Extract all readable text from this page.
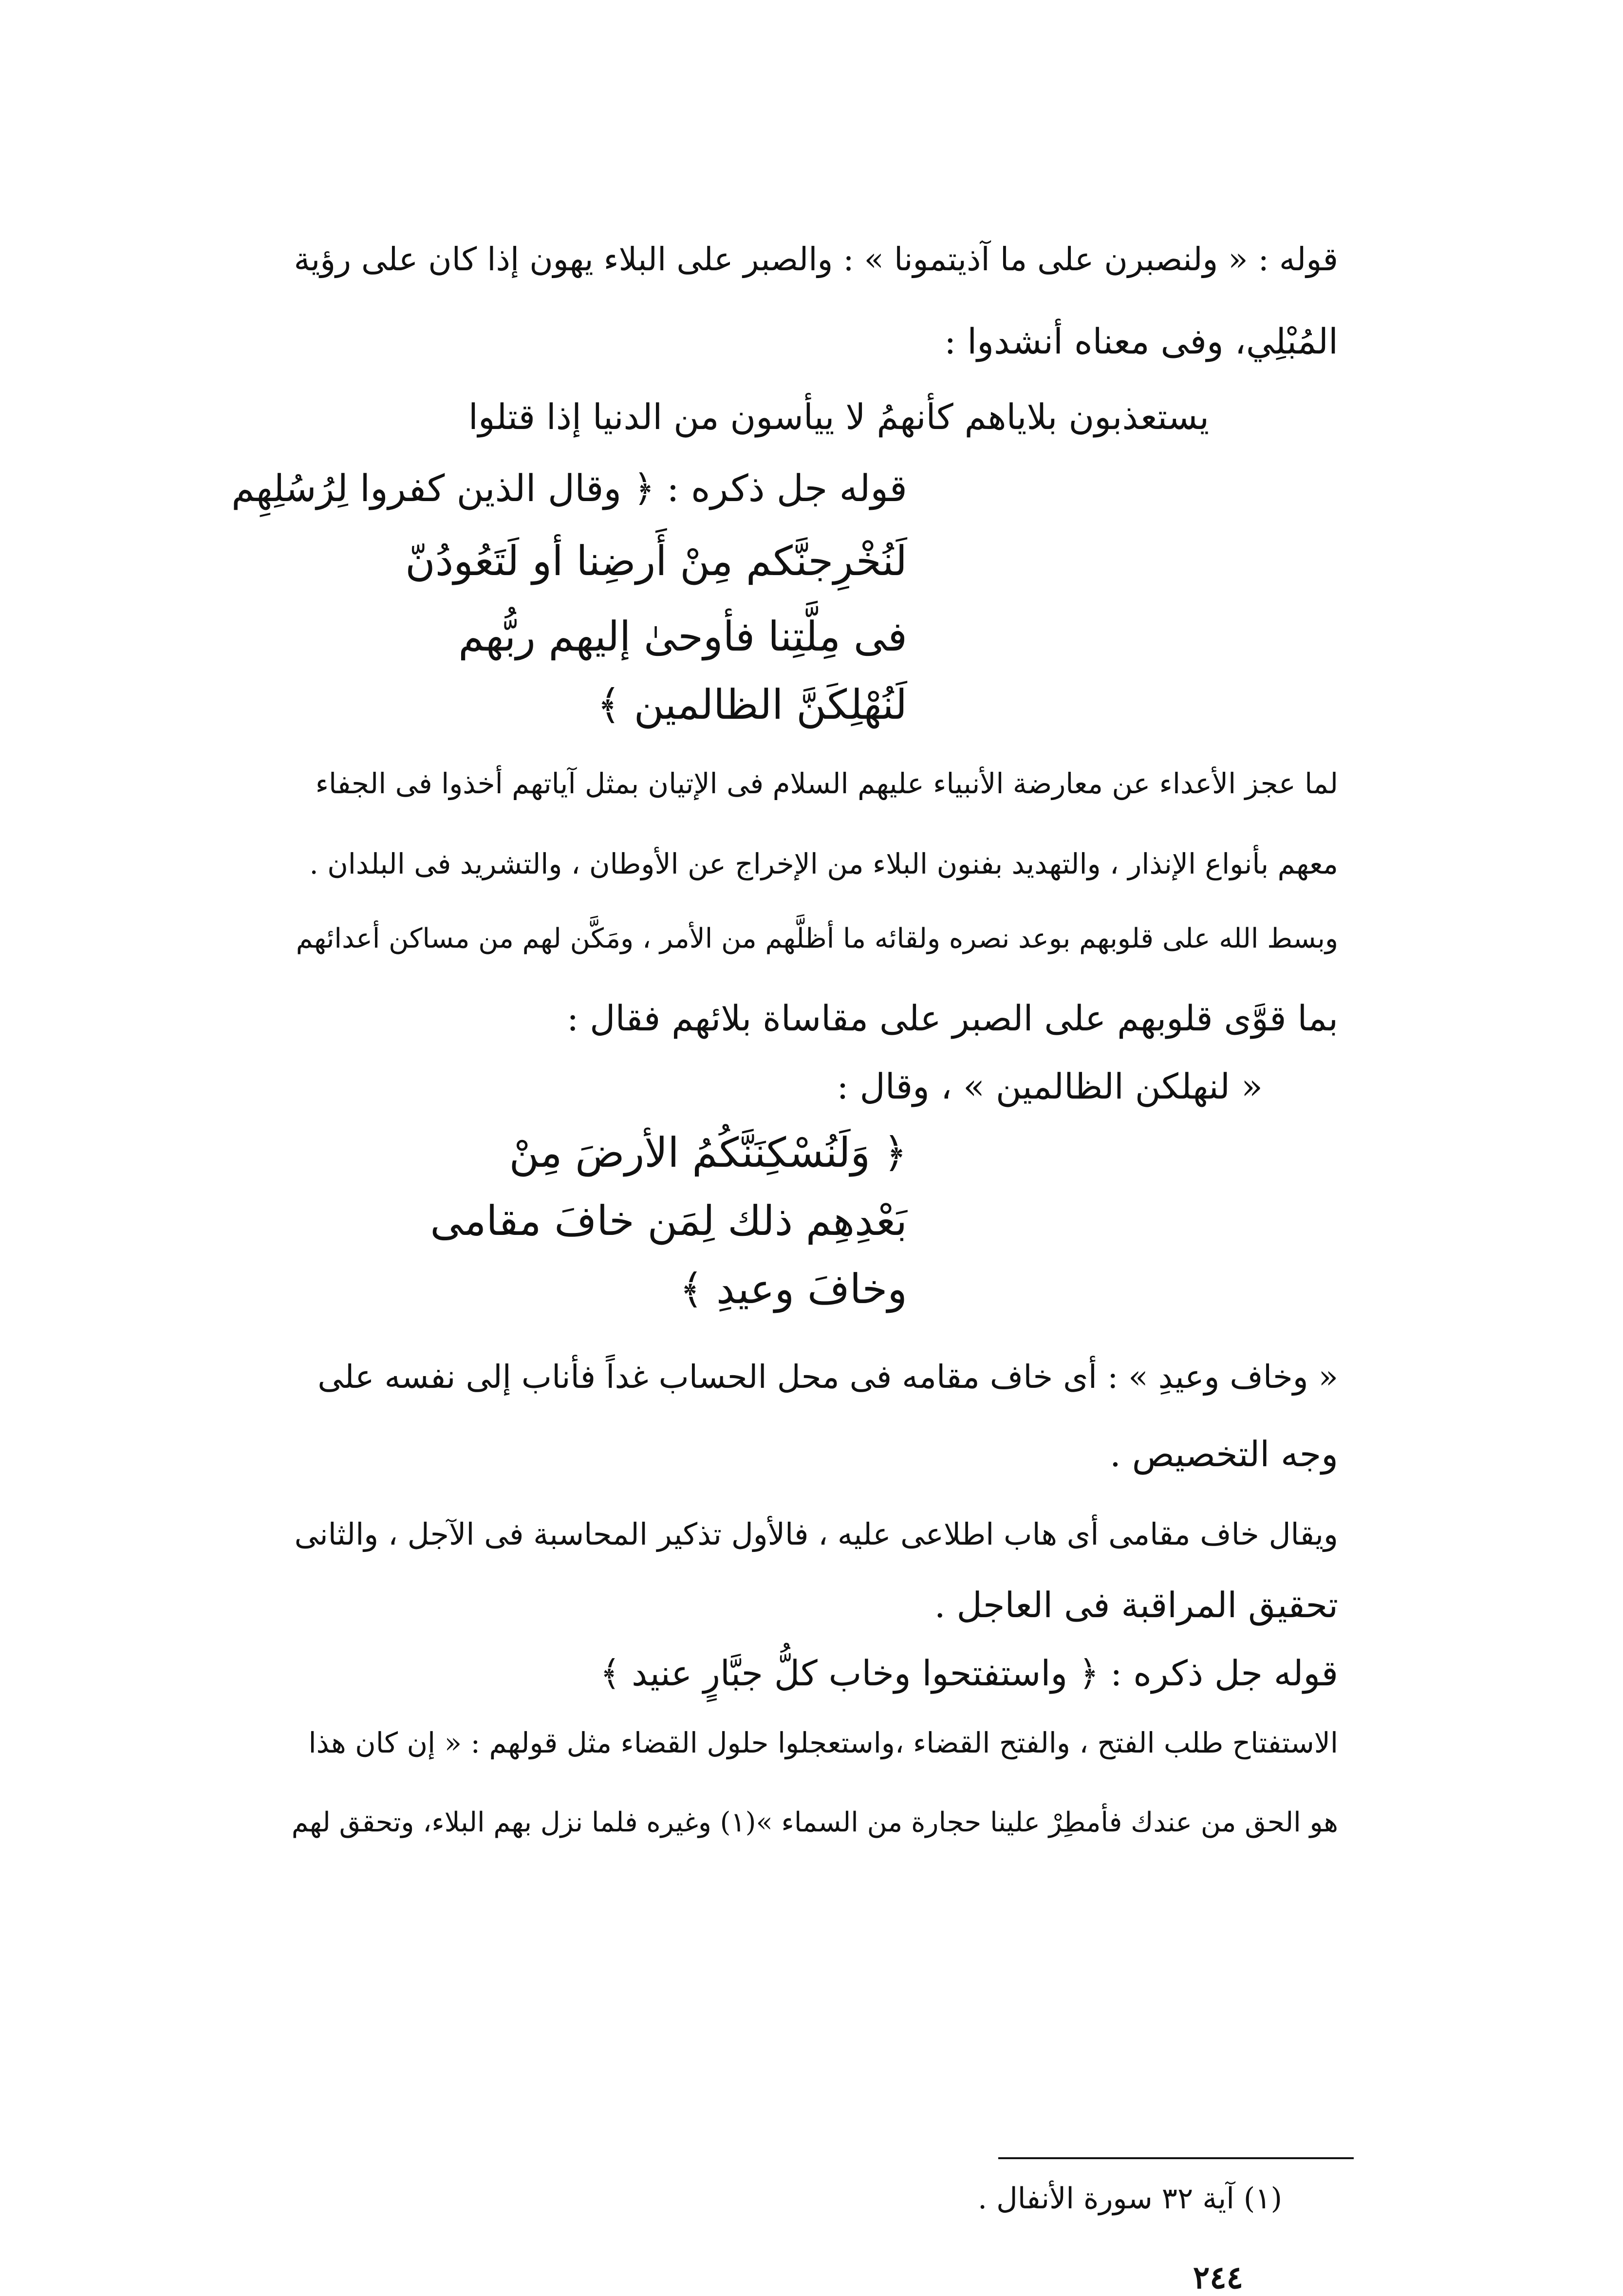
قوله : « ولنصبرن على ما آذيتمونا » : والصبر على البلاء يهون إذا كان على رؤية
المُبْلِي، وفى معناه أنشدوا :
يستعذبون بلاياهم كأنهمُ لا ييأسون من الدنيا إذا قتلوا
قوله جل ذكره : ﴿ وقال الذين كفروا لِرُسُلِهِم
لَنُخْرِجنَّكم مِنْ أَرضِنا أو لَتَعُودُنّ
فى مِلَّتِنا فأوحىٰ إليهم ربُّهم
لَنُهْلِكَنَّ الظالمين ﴾
لما عجز الأعداء عن معارضة الأنبياء عليهم السلام فى الإتيان بمثل آياتهم أخذوا فى الجفاء
معهم بأنواع الإنذار ، والتهديد بفنون البلاء من الإخراج عن الأوطان ، والتشريد فى البلدان .
وبسط الله على قلوبهم بوعد نصره ولقائه ما أظلَّهم من الأمر ، ومَكَّن لهم من مساكن أعدائهم
بما قوَّى قلوبهم على الصبر على مقاساة بلائهم فقال :
« لنهلكن الظالمين » ، وقال :
﴿ وَلَنُسْكِنَنَّكُمُ الأرضَ مِنْ
بَعْدِهِم ذلك لِمَن خافَ مقامى
وخافَ وعيدِ ﴾
« وخاف وعيدِ » : أى خاف مقامه فى محل الحساب غداً فأناب إلى نفسه على
وجه التخصيص .
ويقال خاف مقامى أى هاب اطلاعى عليه ، فالأول تذكير المحاسبة فى الآجل ، والثانى
تحقيق المراقبة فى العاجل .
قوله جل ذكره : ﴿ واستفتحوا وخاب كلُّ جبَّارٍ عنيد ﴾
الاستفتاح طلب الفتح ، والفتح القضاء ،واستعجلوا حلول القضاء مثل قولهم : « إن كان هذا
هو الحق من عندك فأمطِرْ علينا حجارة من السماء »(١) وغيره فلما نزل بهم البلاء، وتحقق لهم
(١) آية ٣٢ سورة الأنفال .
٢٤٤
